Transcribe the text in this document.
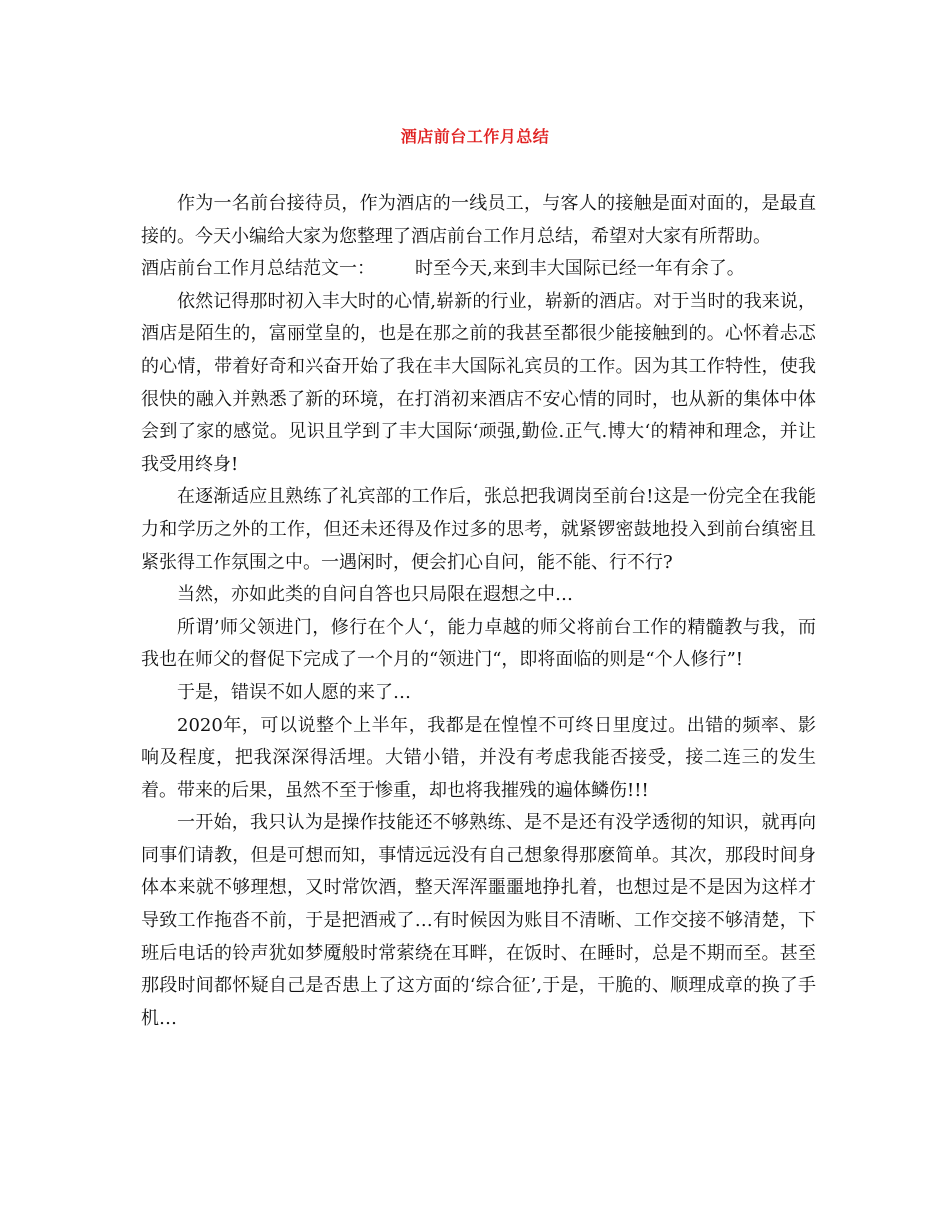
酒店前台工作月总结

作为一名前台接待员，作为酒店的一线员工，与客人的接触是面对面的，是最直接的。今天小编给大家为您整理了酒店前台工作月总结，希望对大家有所帮助。

酒店前台工作月总结范文一： 时至今天,来到丰大国际已经一年有余了。

依然记得那时初入丰大时的心情,崭新的行业，崭新的酒店。对于当时的我来说，酒店是陌生的，富丽堂皇的，也是在那之前的我甚至都很少能接触到的。心怀着忐忑的心情，带着好奇和兴奋开始了我在丰大国际礼宾员的工作。因为其工作特性，使我很快的融入并熟悉了新的环境，在打消初来酒店不安心情的同时，也从新的集体中体会到了家的感觉。见识且学到了丰大国际‘顽强,勤俭.正气.博大‘的精神和理念，并让我受用终身!

在逐渐适应且熟练了礼宾部的工作后，张总把我调岗至前台!这是一份完全在我能力和学历之外的工作，但还未还得及作过多的思考，就紧锣密鼓地投入到前台缜密且紧张得工作氛围之中。一遇闲时，便会扪心自问，能不能、行不行?

当然，亦如此类的自问自答也只局限在遐想之中…

所谓’师父领进门，修行在个人‘，能力卓越的师父将前台工作的精髓教与我，而我也在师父的督促下完成了一个月的“领进门“，即将面临的则是“个人修行”!

于是，错误不如人愿的来了…

2020年，可以说整个上半年，我都是在惶惶不可终日里度过。出错的频率、影响及程度，把我深深得活埋。大错小错，并没有考虑我能否接受，接二连三的发生着。带来的后果，虽然不至于惨重，却也将我摧残的遍体鳞伤!!!

一开始，我只认为是操作技能还不够熟练、是不是还有没学透彻的知识，就再向同事们请教，但是可想而知，事情远远没有自己想象得那麽简单。其次，那段时间身体本来就不够理想，又时常饮酒，整天浑浑噩噩地挣扎着，也想过是不是因为这样才导致工作拖沓不前，于是把酒戒了…有时候因为账目不清晰、工作交接不够清楚，下班后电话的铃声犹如梦魇般时常萦绕在耳畔，在饭时、在睡时，总是不期而至。甚至那段时间都怀疑自己是否患上了这方面的‘综合征’,于是，干脆的、顺理成章的换了手机…
